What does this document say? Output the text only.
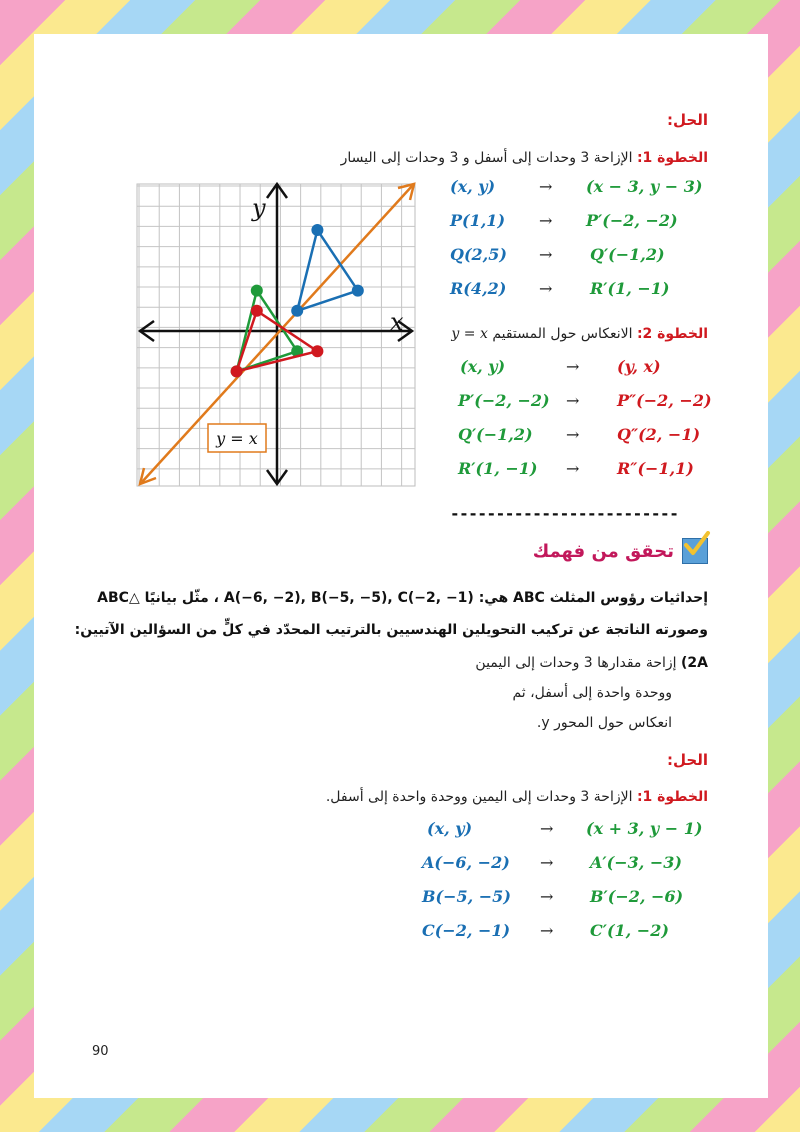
الحل:
الخطوة 1: الإزاحة 3 وحدات إلى أسفل و 3 وحدات إلى اليسار
(x, y)	→ (x − 3, y − 3)
P(1,1) → P′(−2, −2)
Q(2,5) → Q′(−1,2)
R(4,2) → R′(1, −1)
الخطوة 2: الانعكاس حول المستقيم y = x
(x, y)	→ (y, x)
P′(−2, −2) → P″(−2, −2)
Q′(−1,2) → Q″(2, −1)
R′(1, −1) → R″(−1,1)
x
y
y = x
-------------------------
تحقق من فهمك
إحداثيات رؤوس المثلث ABC هي: A(−6, −2), B(−5, −5), C(−2, −1) ، مثّل بيانيًا △ABC
وصورته الناتجة عن تركيب التحويلين الهندسيين بالترتيب المحدّد في كلٍّ من السؤالين الآتيين:
2A) إزاحة مقدارها 3 وحدات إلى اليمين
ووحدة واحدة إلى أسفل، ثم
انعكاس حول المحور y.
الحل:
الخطوة 1: الإزاحة 3 وحدات إلى اليمين ووحدة واحدة إلى أسفل.
(x, y)	→ (x + 3, y − 1)
A(−6, −2) → A′(−3, −3)
B(−5, −5) → B′(−2, −6)
C(−2, −1) → C′(1, −2)
90
